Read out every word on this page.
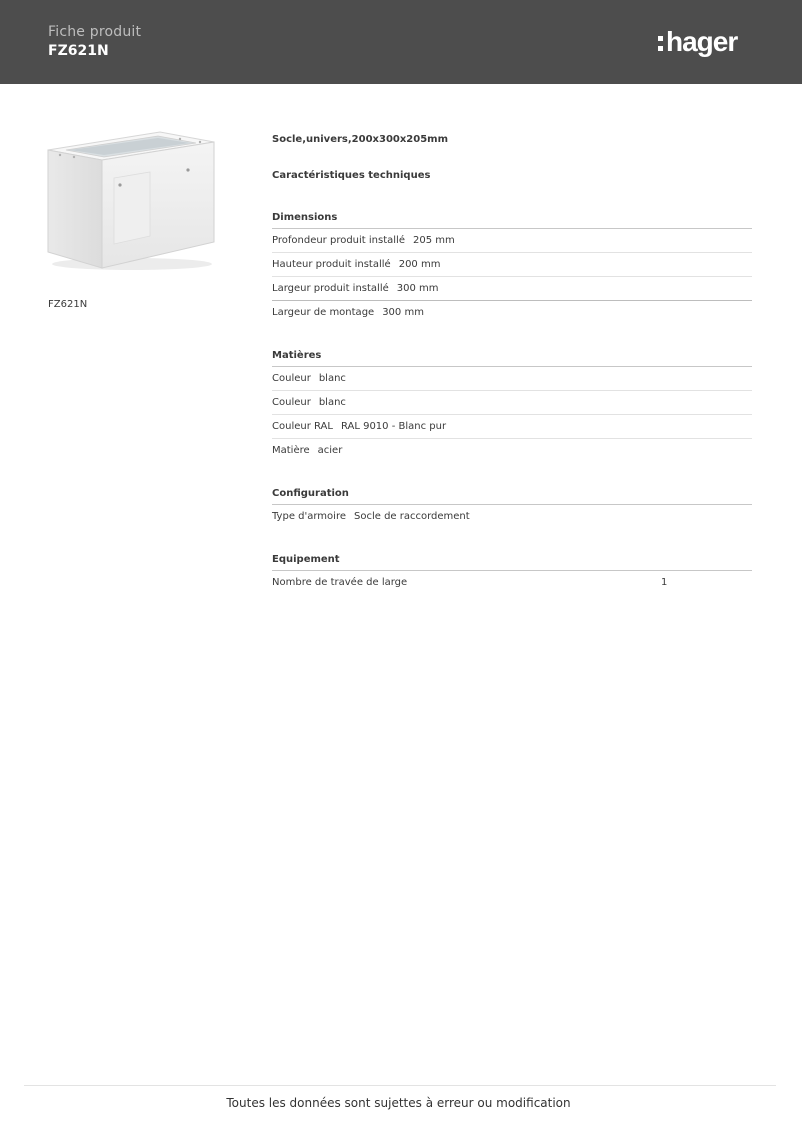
Fiche produit
FZ621N	hager
FZ621N
Socle,univers,200x300x205mm
Caractéristiques techniques
Dimensions
Profondeur produit installé 205 mm
Hauteur produit installé 200 mm
Largeur produit installé 300 mm
Largeur de montage 300 mm
Matières
Couleur blanc
Couleur blanc
Couleur RAL RAL 9010 - Blanc pur
Matière acier
Configuration
Type d'armoire Socle de raccordement
Equipement
Nombre de travée de large	1
Toutes les données sont sujettes à erreur ou modification
